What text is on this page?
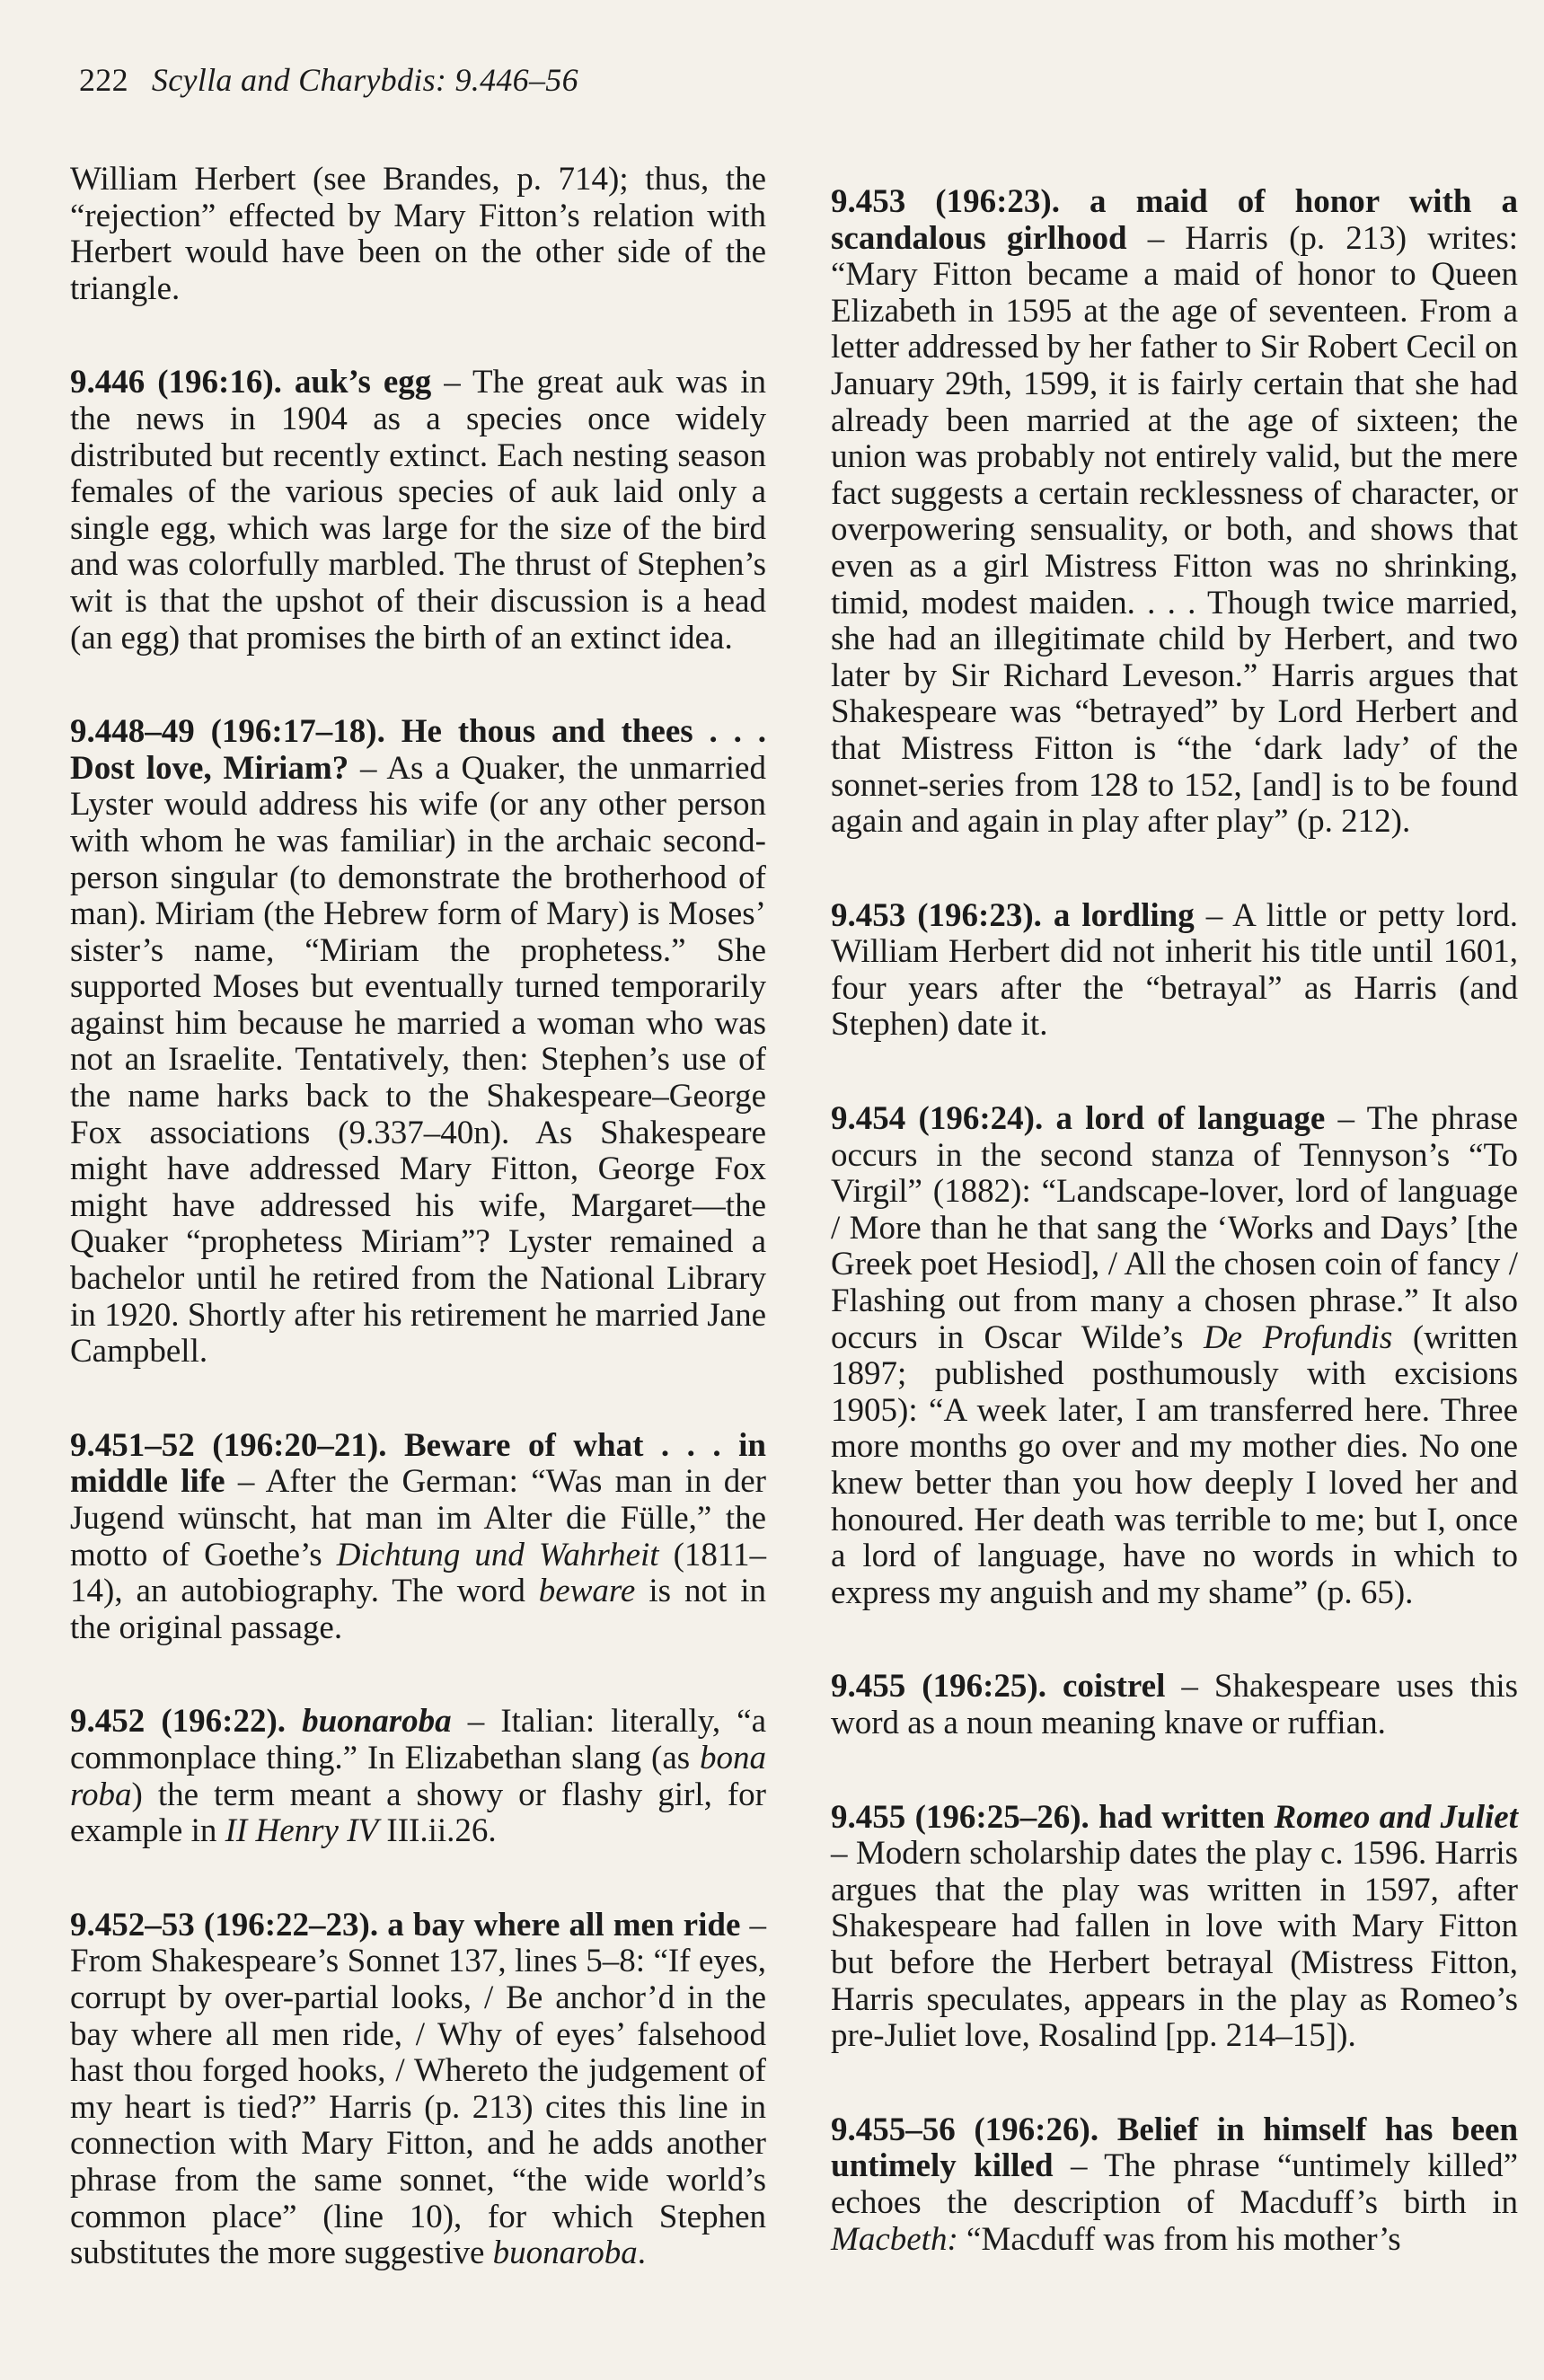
222 Scylla and Charybdis: 9.446–56

William Herbert (see Brandes, p. 714); thus, the “rejection” effected by Mary Fitton’s relation with Herbert would have been on the other side of the triangle.

9.446 (196:16). auk’s egg – The great auk was in the news in 1904 as a species once widely distributed but recently extinct. Each nesting season females of the various species of auk laid only a single egg, which was large for the size of the bird and was colorfully marbled. The thrust of Stephen’s wit is that the upshot of their discussion is a head (an egg) that promises the birth of an extinct idea.

9.448–49 (196:17–18). He thous and thees . . . Dost love, Miriam? – As a Quaker, the unmarried Lyster would address his wife (or any other person with whom he was familiar) in the archaic second-person singular (to demonstrate the brotherhood of man). Miriam (the Hebrew form of Mary) is Moses’ sister’s name, “Miriam the prophetess.” She supported Moses but eventually turned temporarily against him because he married a woman who was not an Israelite. Tentatively, then: Stephen’s use of the name harks back to the Shakespeare–George Fox associations (9.337–40n). As Shakespeare might have addressed Mary Fitton, George Fox might have addressed his wife, Margaret—the Quaker “prophetess Miriam”? Lyster remained a bachelor until he retired from the National Library in 1920. Shortly after his retirement he married Jane Campbell.

9.451–52 (196:20–21). Beware of what . . . in middle life – After the German: “Was man in der Jugend wünscht, hat man im Alter die Fülle,” the motto of Goethe’s Dichtung und Wahrheit (1811–14), an autobiography. The word beware is not in the original passage.

9.452 (196:22). buonaroba – Italian: literally, “a commonplace thing.” In Elizabethan slang (as bona roba) the term meant a showy or flashy girl, for example in II Henry IV III.ii.26.

9.452–53 (196:22–23). a bay where all men ride – From Shakespeare’s Sonnet 137, lines 5–8: “If eyes, corrupt by over-partial looks, / Be anchor’d in the bay where all men ride, / Why of eyes’ falsehood hast thou forged hooks, / Whereto the judgement of my heart is tied?” Harris (p. 213) cites this line in connection with Mary Fitton, and he adds another phrase from the same sonnet, “the wide world’s common place” (line 10), for which Stephen substitutes the more suggestive buonaroba.

9.453 (196:23). a maid of honor with a scandalous girlhood – Harris (p. 213) writes: “Mary Fitton became a maid of honor to Queen Elizabeth in 1595 at the age of seventeen. From a letter addressed by her father to Sir Robert Cecil on January 29th, 1599, it is fairly certain that she had already been married at the age of sixteen; the union was probably not entirely valid, but the mere fact suggests a certain recklessness of character, or overpowering sensuality, or both, and shows that even as a girl Mistress Fitton was no shrinking, timid, modest maiden. . . . Though twice married, she had an illegitimate child by Herbert, and two later by Sir Richard Leveson.” Harris argues that Shakespeare was “betrayed” by Lord Herbert and that Mistress Fitton is “the ‘dark lady’ of the sonnet-series from 128 to 152, [and] is to be found again and again in play after play” (p. 212).

9.453 (196:23). a lordling – A little or petty lord. William Herbert did not inherit his title until 1601, four years after the “betrayal” as Harris (and Stephen) date it.

9.454 (196:24). a lord of language – The phrase occurs in the second stanza of Tennyson’s “To Virgil” (1882): “Landscape-lover, lord of language / More than he that sang the ‘Works and Days’ [the Greek poet Hesiod], / All the chosen coin of fancy / Flashing out from many a chosen phrase.” It also occurs in Oscar Wilde’s De Profundis (written 1897; published posthumously with excisions 1905): “A week later, I am transferred here. Three more months go over and my mother dies. No one knew better than you how deeply I loved her and honoured. Her death was terrible to me; but I, once a lord of language, have no words in which to express my anguish and my shame” (p. 65).

9.455 (196:25). coistrel – Shakespeare uses this word as a noun meaning knave or ruffian.

9.455 (196:25–26). had written Romeo and Juliet – Modern scholarship dates the play c. 1596. Harris argues that the play was written in 1597, after Shakespeare had fallen in love with Mary Fitton but before the Herbert betrayal (Mistress Fitton, Harris speculates, appears in the play as Romeo’s pre-Juliet love, Rosalind [pp. 214–15]).

9.455–56 (196:26). Belief in himself has been untimely killed – The phrase “untimely killed” echoes the description of Macduff’s birth in Macbeth: “Macduff was from his mother’s
